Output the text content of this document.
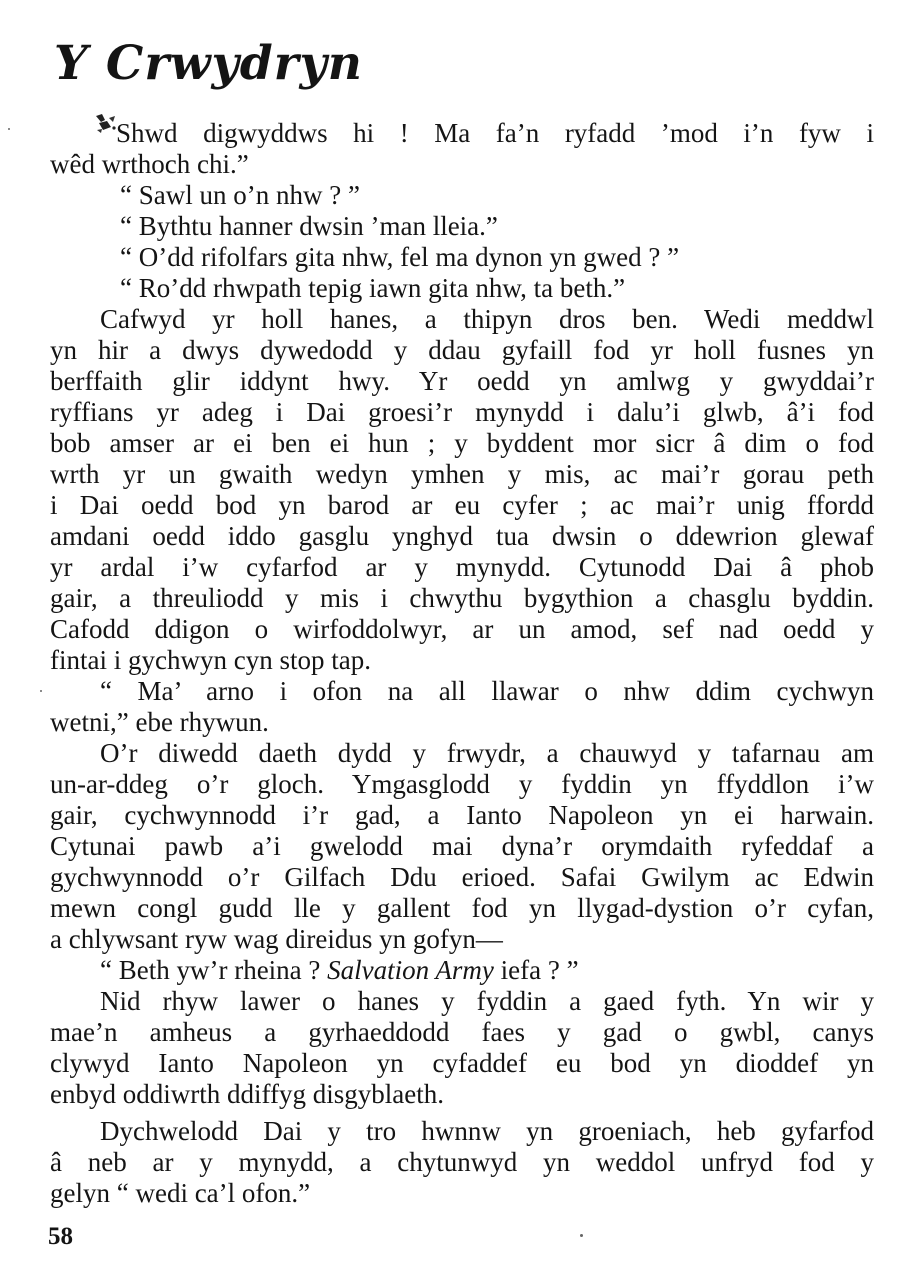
Y Crwydryn
Shwd digwyddws hi ! Ma fa’n ryfadd ’mod i’n fyw i
wêd wrthoch chi.”
“ Sawl un o’n nhw ? ”
“ Bythtu hanner dwsin ’man lleia.”
“ O’dd rifolfars gita nhw, fel ma dynon yn gwed ? ”
“ Ro’dd rhwpath tepig iawn gita nhw, ta beth.”
Cafwyd yr holl hanes, a thipyn dros ben. Wedi meddwl
yn hir a dwys dywedodd y ddau gyfaill fod yr holl fusnes yn
berffaith glir iddynt hwy. Yr oedd yn amlwg y gwyddai’r
ryffians yr adeg i Dai groesi’r mynydd i dalu’i glwb, â’i fod
bob amser ar ei ben ei hun ; y byddent mor sicr â dim o fod
wrth yr un gwaith wedyn ymhen y mis, ac mai’r gorau peth
i Dai oedd bod yn barod ar eu cyfer ; ac mai’r unig ffordd
amdani oedd iddo gasglu ynghyd tua dwsin o ddewrion glewaf
yr ardal i’w cyfarfod ar y mynydd. Cytunodd Dai â phob
gair, a threuliodd y mis i chwythu bygythion a chasglu byddin.
Cafodd ddigon o wirfoddolwyr, ar un amod, sef nad oedd y
fintai i gychwyn cyn stop tap.
“ Ma’ arno i ofon na all llawar o nhw ddim cychwyn
wetni,” ebe rhywun.
O’r diwedd daeth dydd y frwydr, a chauwyd y tafarnau am
un-ar-ddeg o’r gloch. Ymgasglodd y fyddin yn ffyddlon i’w
gair, cychwynnodd i’r gad, a Ianto Napoleon yn ei harwain.
Cytunai pawb a’i gwelodd mai dyna’r orymdaith ryfeddaf a
gychwynnodd o’r Gilfach Ddu erioed. Safai Gwilym ac Edwin
mewn congl gudd lle y gallent fod yn llygad-dystion o’r cyfan,
a chlywsant ryw wag direidus yn gofyn—
“ Beth yw’r rheina ? Salvation Army iefa ? ”
Nid rhyw lawer o hanes y fyddin a gaed fyth. Yn wir y
mae’n amheus a gyrhaeddodd faes y gad o gwbl, canys
clywyd Ianto Napoleon yn cyfaddef eu bod yn dioddef yn
enbyd oddiwrth ddiffyg disgyblaeth.
Dychwelodd Dai y tro hwnnw yn groeniach, heb gyfarfod
â neb ar y mynydd, a chytunwyd yn weddol unfryd fod y
gelyn “ wedi ca’l ofon.”
58
